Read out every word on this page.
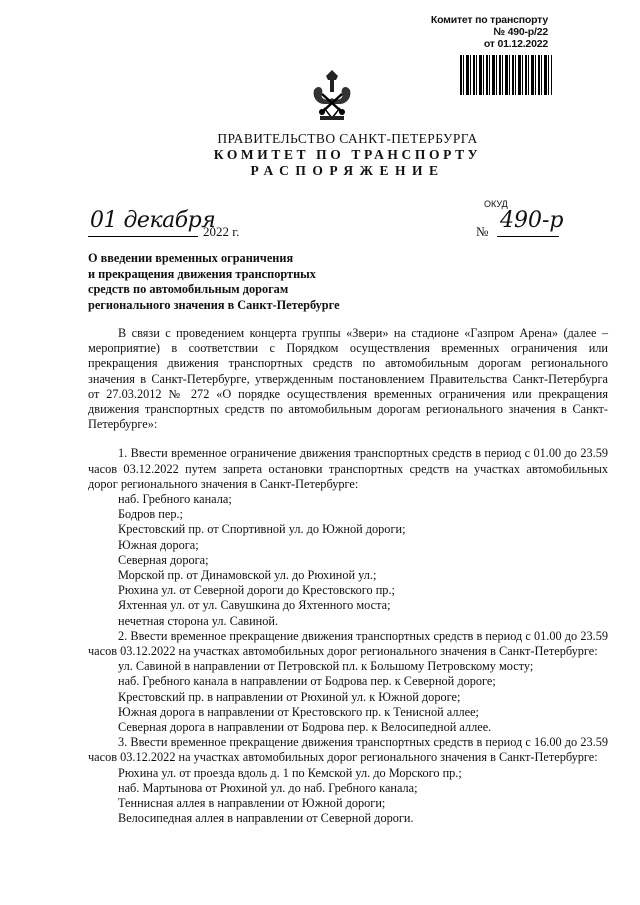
Комитет по транспорту
№ 490-р/22
от 01.12.2022
ПРАВИТЕЛЬСТВО САНКТ-ПЕТЕРБУРГА
КОМИТЕТ ПО ТРАНСПОРТУ
РАСПОРЯЖЕНИЕ
ОКУД
01 декабря
2022 г.	№ 490-р
О введении временных ограничения
и прекращения движения транспортных
средств по автомобильным дорогам
регионального значения в Санкт-Петербурге

В связи с проведением концерта группы «Звери» на стадионе «Газпром Арена» (далее – мероприятие) в соответствии с Порядком осуществления временных ограничения или прекращения движения транспортных средств по автомобильным дорогам регионального значения в Санкт-Петербурге, утвержденным постановлением Правительства Санкт-Петербурга от 27.03.2012 № 272 «О порядке осуществления временных ограничения или прекращения движения транспортных средств по автомобильным дорогам регионального значения в Санкт-Петербурге»:

1. Ввести временное ограничение движения транспортных средств в период с 01.00 до 23.59 часов 03.12.2022 путем запрета остановки транспортных средств на участках автомобильных дорог регионального значения в Санкт-Петербурге:

наб. Гребного канала;

Бодров пер.;

Крестовский пр. от Спортивной ул. до Южной дороги;

Южная дорога;

Северная дорога;

Морской пр. от Динамовской ул. до Рюхиной ул.;

Рюхина ул. от Северной дороги до Крестовского пр.;

Яхтенная ул. от ул. Савушкина до Яхтенного моста;

нечетная сторона ул. Савиной.

2. Ввести временное прекращение движения транспортных средств в период с 01.00 до 23.59 часов 03.12.2022 на участках автомобильных дорог регионального значения в Санкт-Петербурге:

ул. Савиной в направлении от Петровской пл. к Большому Петровскому мосту;

наб. Гребного канала в направлении от Бодрова пер. к Северной дороге;

Крестовский пр. в направлении от Рюхиной ул. к Южной дороге;

Южная дорога в направлении от Крестовского пр. к Тенисной аллее;

Северная дорога в направлении от Бодрова пер. к Велосипедной аллее.

3. Ввести временное прекращение движения транспортных средств в период с 16.00 до 23.59 часов 03.12.2022 на участках автомобильных дорог регионального значения в Санкт-Петербурге:

Рюхина ул. от проезда вдоль д. 1 по Кемской ул. до Морского пр.;

наб. Мартынова от Рюхиной ул. до наб. Гребного канала;

Теннисная аллея в направлении от Южной дороги;

Велосипедная аллея в направлении от Северной дороги.
